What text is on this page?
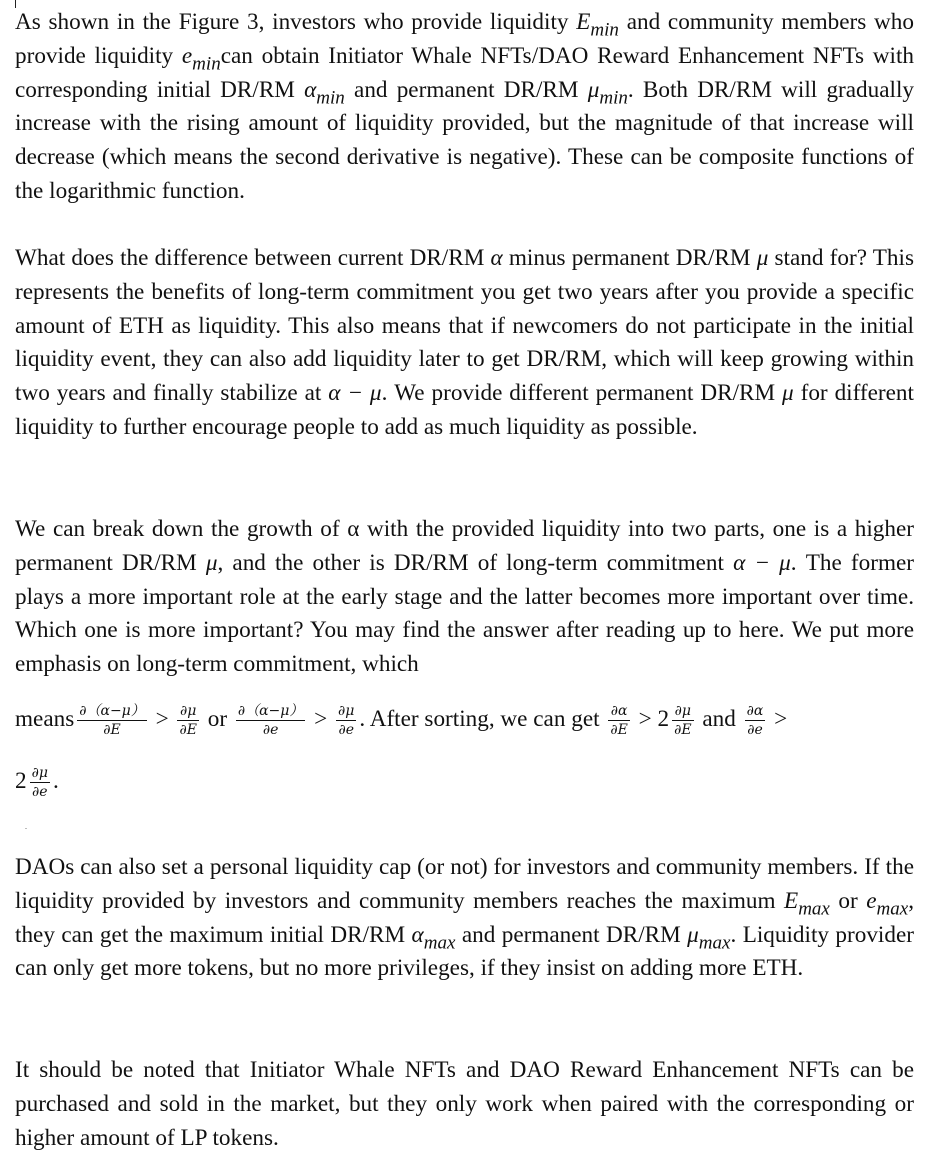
As shown in the Figure 3, investors who provide liquidity $E_{min}$ and community members who provide liquidity $e_{min}can$ obtain Initiator Whale NFTs/DAO Reward Enhancement NFTs with corresponding initial DR/RM $\alpha_{min}$ and permanent DR/RM $\mu_{min}$. Both DR/RM will gradually increase with the rising amount of liquidity provided, but the magnitude of that increase will decrease (which means the second derivative is negative). These can be composite functions of the logarithmic function.

What does the difference between current DR/RM α minus permanent DR/RM μ stand for? This represents the benefits of long-term commitment you get two years after you provide a specific amount of ETH as liquidity. This also means that if newcomers do not participate in the initial liquidity event, they can also add liquidity later to get DR/RM, which will keep growing within two years and finally stabilize at α − μ. We provide different permanent DR/RM μ for different liquidity to further encourage people to add as much liquidity as possible.

We can break down the growth of α with the provided liquidity into two parts, one is a higher permanent DR/RM μ, and the other is DR/RM of long-term commitment α − μ. The former plays a more important role at the early stage and the latter becomes more important over time. Which one is more important? You may find the answer after reading up to here. We put more emphasis on long-term commitment, which

means $\frac{\partial(\alpha-\mu)}{\partial E} > \frac{\partial\mu}{\partial E}$ or $\frac{\partial(\alpha-\mu)}{\partial e} > \frac{\partial\mu}{\partial e}$ . After sorting, we can get $\frac{\partial\alpha}{\partial E} > 2 \frac{\partial\mu}{\partial E}$ and $\frac{\partial\alpha}{\partial e}$ >
$2 \frac{\partial\mu}{\partial e}$ .

DAOs can also set a personal liquidity cap (or not) for investors and community members. If the liquidity provided by investors and community members reaches the maximum $E_{max}$ or $e_{max}$, they can get the maximum initial DR/RM $\alpha_{max}$ and permanent DR/RM $\mu_{max}$. Liquidity provider can only get more tokens, but no more privileges, if they insist on adding more ETH.

It should be noted that Initiator Whale NFTs and DAO Reward Enhancement NFTs can be purchased and sold in the market, but they only work when paired with the corresponding or higher amount of LP tokens.
